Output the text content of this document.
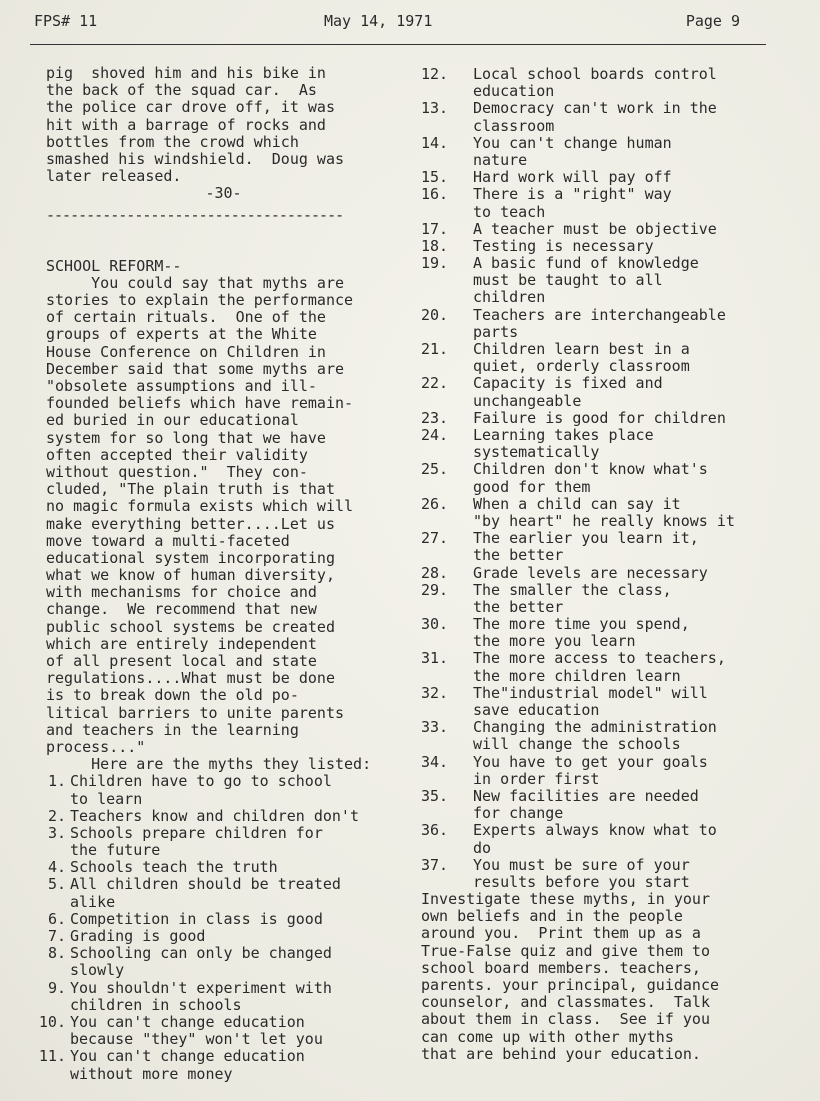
FPS# 11	May 14, 1971	Page 9
pig  shoved him and his bike in
the back of the squad car.  As
the police car drove off, it was
hit with a barrage of rocks and
bottles from the crowd which
smashed his windshield.  Doug was
later released.
-30-
-------------------------------------
SCHOOL REFORM--
You could say that myths are
stories to explain the performance
of certain rituals.  One of the
groups of experts at the White
House Conference on Children in
December said that some myths are
"obsolete assumptions and ill-
founded beliefs which have remain-
ed buried in our educational
system for so long that we have
often accepted their validity
without question."  They con-
cluded, "The plain truth is that
no magic formula exists which will
make everything better....Let us
move toward a multi-faceted
educational system incorporating
what we know of human diversity,
with mechanisms for choice and
change.  We recommend that new
public school systems be created
which are entirely independent
of all present local and state
regulations....What must be done
is to break down the old po-
litical barriers to unite parents
and teachers in the learning
process..."
Here are the myths they listed:
1. Children have to go to school
to learn
2. Teachers know and children don't
3. Schools prepare children for
the future
4. Schools teach the truth
5. All children should be treated
alike
6. Competition in class is good
7. Grading is good
8. Schooling can only be changed
slowly
9. You shouldn't experiment with
children in schools
10. You can't change education
because "they" won't let you
11. You can't change education
without more money
12.	Local school boards control
education
13.	Democracy can't work in the
classroom
14.	You can't change human
nature
15.	Hard work will pay off
16.	There is a "right" way
to teach
17.	A teacher must be objective
18.	Testing is necessary
19.	A basic fund of knowledge
must be taught to all
children
20.	Teachers are interchangeable
parts
21.	Children learn best in a
quiet, orderly classroom
22.	Capacity is fixed and
unchangeable
23.	Failure is good for children
24.	Learning takes place
systematically
25.	Children don't know what's
good for them
26.	When a child can say it
"by heart" he really knows it
27.	The earlier you learn it,
the better
28.	Grade levels are necessary
29.	The smaller the class,
the better
30.	The more time you spend,
the more you learn
31.	The more access to teachers,
the more children learn
32.	The"industrial model" will
save education
33.	Changing the administration
will change the schools
34.	You have to get your goals
in order first
35.	New facilities are needed
for change
36.	Experts always know what to
do
37.	You must be sure of your
results before you start
Investigate these myths, in your
own beliefs and in the people
around you.  Print them up as a
True-False quiz and give them to
school board members. teachers,
parents. your principal, guidance
counselor, and classmates.  Talk
about them in class.  See if you
can come up with other myths
that are behind your education.
